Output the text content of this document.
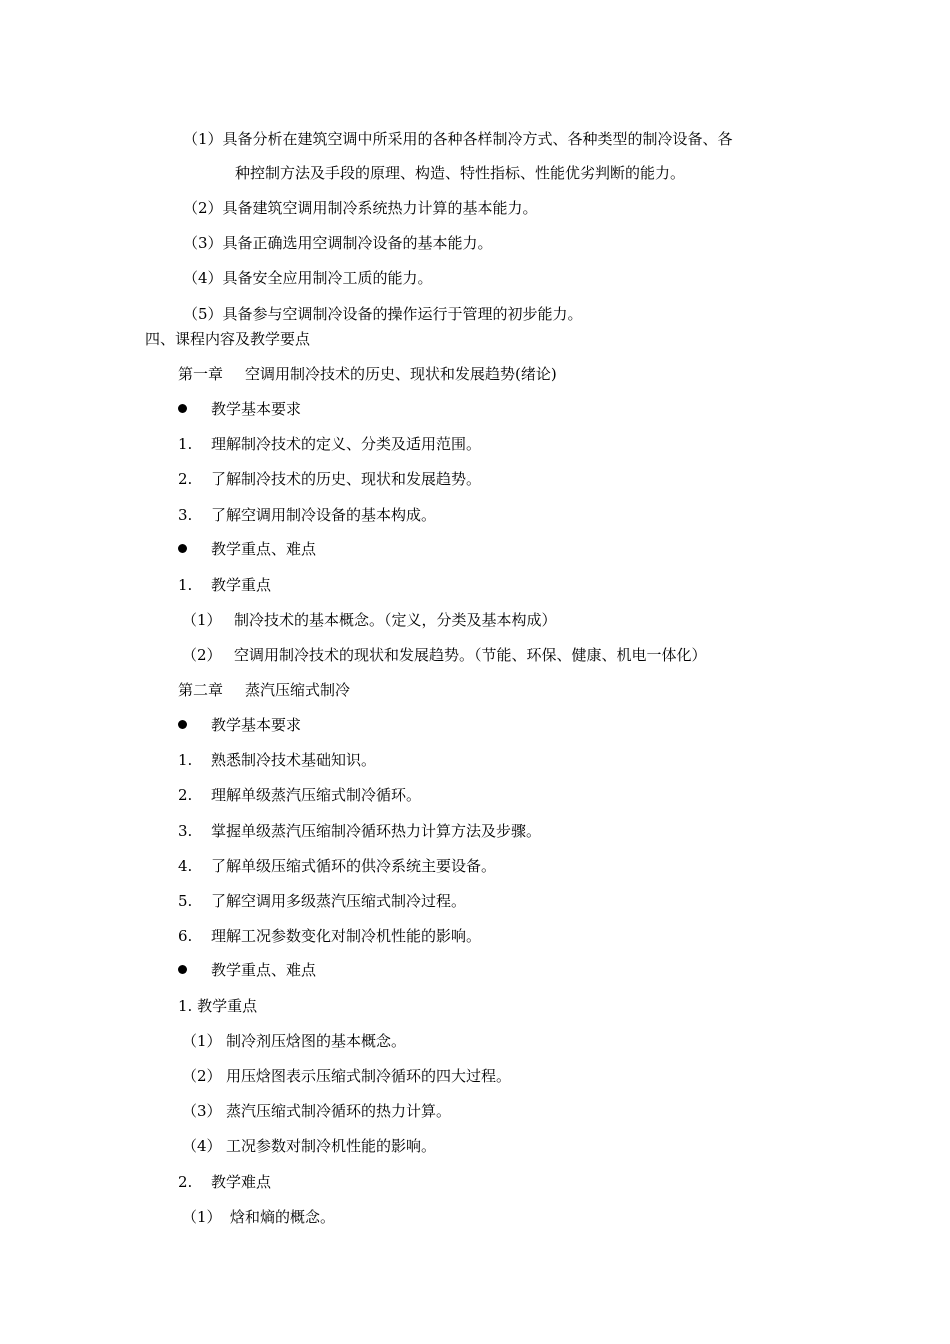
（1）具备分析在建筑空调中所采用的各种各样制冷方式、各种类型的制冷设备、各
种控制方法及手段的原理、构造、特性指标、性能优劣判断的能力。
（2）具备建筑空调用制冷系统热力计算的基本能力。
（3）具备正确选用空调制冷设备的基本能力。
（4）具备安全应用制冷工质的能力。
（5）具备参与空调制冷设备的操作运行于管理的初步能力。
四、课程内容及教学要点
第一章 空调用制冷技术的历史、现状和发展趋势(绪论)
教学基本要求
1. 理解制冷技术的定义、分类及适用范围。
2. 了解制冷技术的历史、现状和发展趋势。
3. 了解空调用制冷设备的基本构成。
教学重点、难点
1. 教学重点
（1） 制冷技术的基本概念。（定义，分类及基本构成）
（2） 空调用制冷技术的现状和发展趋势。（节能、环保、健康、机电一体化）
第二章 蒸汽压缩式制冷
教学基本要求
1. 熟悉制冷技术基础知识。
2. 理解单级蒸汽压缩式制冷循环。
3. 掌握单级蒸汽压缩制冷循环热力计算方法及步骤。
4. 了解单级压缩式循环的供冷系统主要设备。
5. 了解空调用多级蒸汽压缩式制冷过程。
6. 理解工况参数变化对制冷机性能的影响。
教学重点、难点
1. 教学重点
（1） 制冷剂压焓图的基本概念。
（2） 用压焓图表示压缩式制冷循环的四大过程。
（3） 蒸汽压缩式制冷循环的热力计算。
（4） 工况参数对制冷机性能的影响。
2. 教学难点
（1） 焓和熵的概念。
